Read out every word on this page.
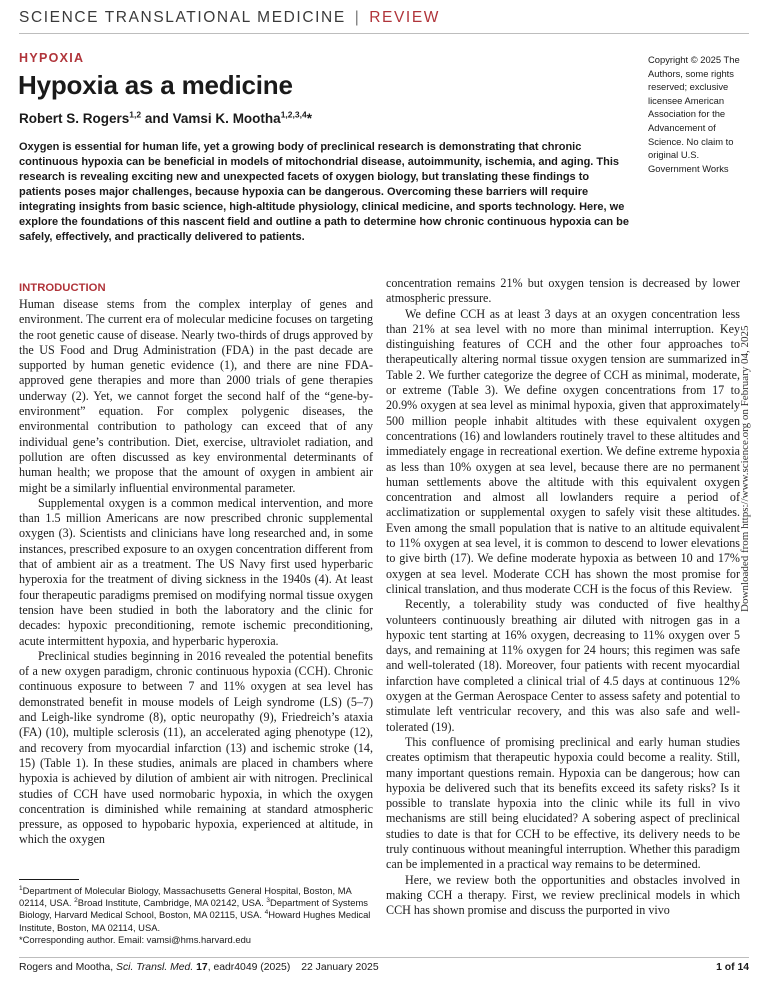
SCIENCE TRANSLATIONAL MEDICINE | REVIEW
HYPOXIA
Hypoxia as a medicine
Robert S. Rogers$^{1,2}$ and Vamsi K. Mootha$^{1,2,3,4}$*
Copyright © 2025 The
Authors, some rights
reserved; exclusive
licensee American
Association for the
Advancement of
Science. No claim to
original U.S.
Government Works

Oxygen is essential for human life, yet a growing body of preclinical research is demonstrating that chronic continuous hypoxia can be beneficial in models of mitochondrial disease, autoimmunity, ischemia, and aging. This research is revealing exciting new and unexpected facets of oxygen biology, but translating these findings to patients poses major challenges, because hypoxia can be dangerous. Overcoming these barriers will require integrating insights from basic science, high-altitude physiology, clinical medicine, and sports technology. Here, we explore the foundations of this nascent field and outline a path to determine how chronic continuous hypoxia can be safely, effectively, and practically delivered to patients.

Downloaded from https://www.science.org on February 04, 2025
INTRODUCTION

Human disease stems from the complex interplay of genes and environment. The current era of molecular medicine focuses on targeting the root genetic cause of disease. Nearly two-thirds of drugs approved by the US Food and Drug Administration (FDA) in the past decade are supported by human genetic evidence (1), and there are nine FDA-approved gene therapies and more than 2000 trials of gene therapies underway (2). Yet, we cannot forget the second half of the “gene-by-environment” equation. For complex polygenic diseases, the environmental contribution to pathology can exceed that of any individual gene’s contribution. Diet, exercise, ultraviolet radiation, and pollution are often discussed as key environmental determinants of human health; we propose that the amount of oxygen in ambient air might be a similarly influential environmental parameter.

Supplemental oxygen is a common medical intervention, and more than 1.5 million Americans are now prescribed chronic supplemental oxygen (3). Scientists and clinicians have long researched and, in some instances, prescribed exposure to an oxygen concentration different from that of ambient air as a treatment. The US Navy first used hyperbaric hyperoxia for the treatment of diving sickness in the 1940s (4). At least four therapeutic paradigms premised on modifying normal tissue oxygen tension have been studied in both the laboratory and the clinic for decades: hypoxic preconditioning, remote ischemic preconditioning, acute intermittent hypoxia, and hyperbaric hyperoxia.

Preclinical studies beginning in 2016 revealed the potential benefits of a new oxygen paradigm, chronic continuous hypoxia (CCH). Chronic continuous exposure to between 7 and 11% oxygen at sea level has demonstrated benefit in mouse models of Leigh syndrome (LS) (5–7) and Leigh-like syndrome (8), optic neuropathy (9), Friedreich’s ataxia (FA) (10), multiple sclerosis (11), an accelerated aging phenotype (12), and recovery from myocardial infarction (13) and ischemic stroke (14, 15) (Table 1). In these studies, animals are placed in chambers where hypoxia is achieved by dilution of ambient air with nitrogen. Preclinical studies of CCH have used normobaric hypoxia, in which the oxygen concentration is diminished while remaining at standard atmospheric pressure, as opposed to hypobaric hypoxia, experienced at altitude, in which the oxygen

concentration remains 21% but oxygen tension is decreased by lower atmospheric pressure.

We define CCH as at least 3 days at an oxygen concentration less than 21% at sea level with no more than minimal interruption. Key distinguishing features of CCH and the other four approaches to therapeutically altering normal tissue oxygen tension are summarized in Table 2. We further categorize the degree of CCH as minimal, moderate, or extreme (Table 3). We define oxygen concentrations from 17 to 20.9% oxygen at sea level as minimal hypoxia, given that approximately 500 million people inhabit altitudes with these equivalent oxygen concentrations (16) and lowlanders routinely travel to these altitudes and immediately engage in recreational exertion. We define extreme hypoxia as less than 10% oxygen at sea level, because there are no permanent human settlements above the altitude with this equivalent oxygen concentration and almost all lowlanders require a period of acclimatization or supplemental oxygen to safely visit these altitudes. Even among the small population that is native to an altitude equivalent to 11% oxygen at sea level, it is common to descend to lower elevations to give birth (17). We define moderate hypoxia as between 10 and 17% oxygen at sea level. Moderate CCH has shown the most promise for clinical translation, and thus moderate CCH is the focus of this Review.

Recently, a tolerability study was conducted of five healthy volunteers continuously breathing air diluted with nitrogen gas in a hypoxic tent starting at 16% oxygen, decreasing to 11% oxygen over 5 days, and remaining at 11% oxygen for 24 hours; this regimen was safe and well-tolerated (18). Moreover, four patients with recent myocardial infarction have completed a clinical trial of 4.5 days at continuous 12% oxygen at the German Aerospace Center to assess safety and potential to stimulate left ventricular recovery, and this was also safe and well-tolerated (19).

This confluence of promising preclinical and early human studies creates optimism that therapeutic hypoxia could become a reality. Still, many important questions remain. Hypoxia can be dangerous; how can hypoxia be delivered such that its benefits exceed its safety risks? Is it possible to translate hypoxia into the clinic while its full in vivo mechanisms are still being elucidated? A sobering aspect of preclinical studies to date is that for CCH to be effective, its delivery needs to be truly continuous without meaningful interruption. Whether this paradigm can be implemented in a practical way remains to be determined.

Here, we review both the opportunities and obstacles involved in making CCH a therapy. First, we review preclinical models in which CCH has shown promise and discuss the purported in vivo

$^1$Department of Molecular Biology, Massachusetts General Hospital, Boston, MA 02114, USA. $^2$Broad Institute, Cambridge, MA 02142, USA. $^3$Department of Systems Biology, Harvard Medical School, Boston, MA 02115, USA. $^4$Howard Hughes Medical Institute, Boston, MA 02114, USA.

*Corresponding author. Email: vamsi@hms.harvard.edu

Rogers and Mootha, Sci. Transl. Med. 17, eadr4049 (2025) 22 January 2025	1 of 14
